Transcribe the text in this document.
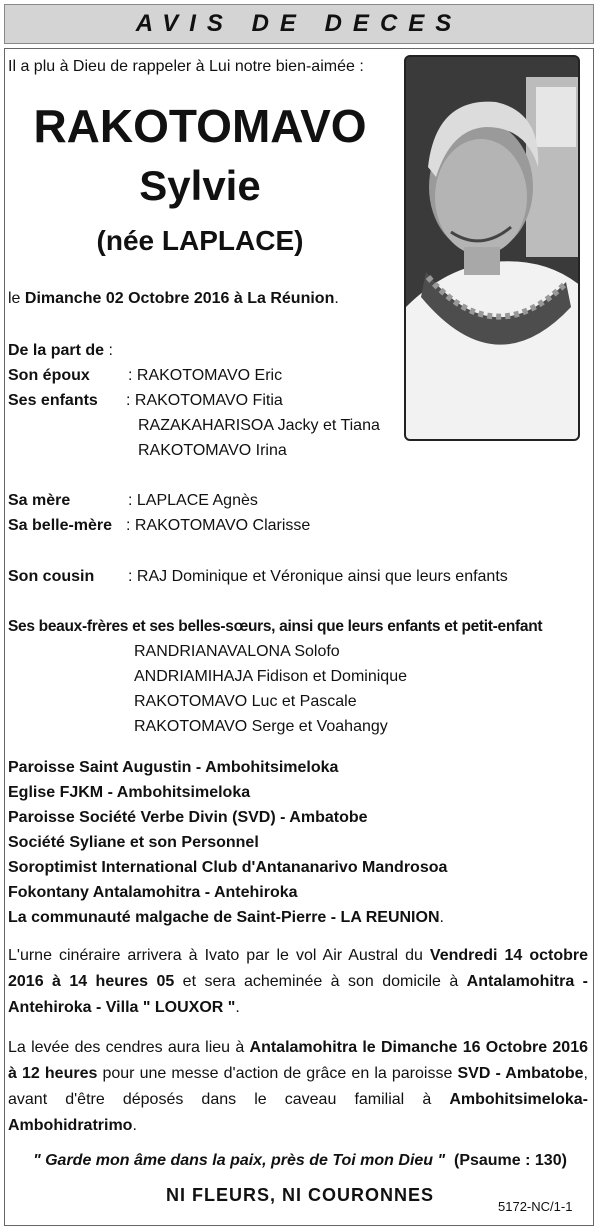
AVIS DE DECES
Il a plu à Dieu de rappeler à Lui notre bien-aimée :
RAKOTOMAVO
Sylvie
(née LAPLACE)
le Dimanche 02 Octobre 2016 à La Réunion.
De la part de :
Son époux : RAKOTOMAVO Eric
Ses enfants : RAKOTOMAVO Fitia
RAZAKAHARISOA Jacky et Tiana
RAKOTOMAVO Irina
Sa mère	: LAPLACE Agnès
Sa belle-mère : RAKOTOMAVO Clarisse
Son cousin : RAJ Dominique et Véronique ainsi que leurs enfants
Ses beaux-frères et ses belles-sœurs, ainsi que leurs enfants et petit-enfant
RANDRIANAVALONA Solofo
ANDRIAMIHAJA Fidison et Dominique
RAKOTOMAVO Luc et Pascale
RAKOTOMAVO Serge et Voahangy
Paroisse Saint Augustin - Ambohitsimeloka
Eglise FJKM - Ambohitsimeloka
Paroisse Société Verbe Divin (SVD) - Ambatobe
Société Syliane et son Personnel
Soroptimist International Club d'Antananarivo Mandrosoa
Fokontany Antalamohitra - Antehiroka
La communauté malgache de Saint-Pierre - LA REUNION.
L'urne cinéraire arrivera à Ivato par le vol Air Austral du Vendredi 14 octobre 2016 à 14 heures 05 et sera acheminée à son domicile à Antalamohitra - Antehiroka - Villa " LOUXOR ".
La levée des cendres aura lieu à Antalamohitra le Dimanche 16 Octobre 2016 à 12 heures pour une messe d'action de grâce en la paroisse SVD - Ambatobe, avant d'être déposés dans le caveau familial à Ambohitsimeloka- Ambohidratrimo.
" Garde mon âme dans la paix, près de Toi mon Dieu " (Psaume : 130)
NI FLEURS, NI COURONNES
5172-NC/1-1
